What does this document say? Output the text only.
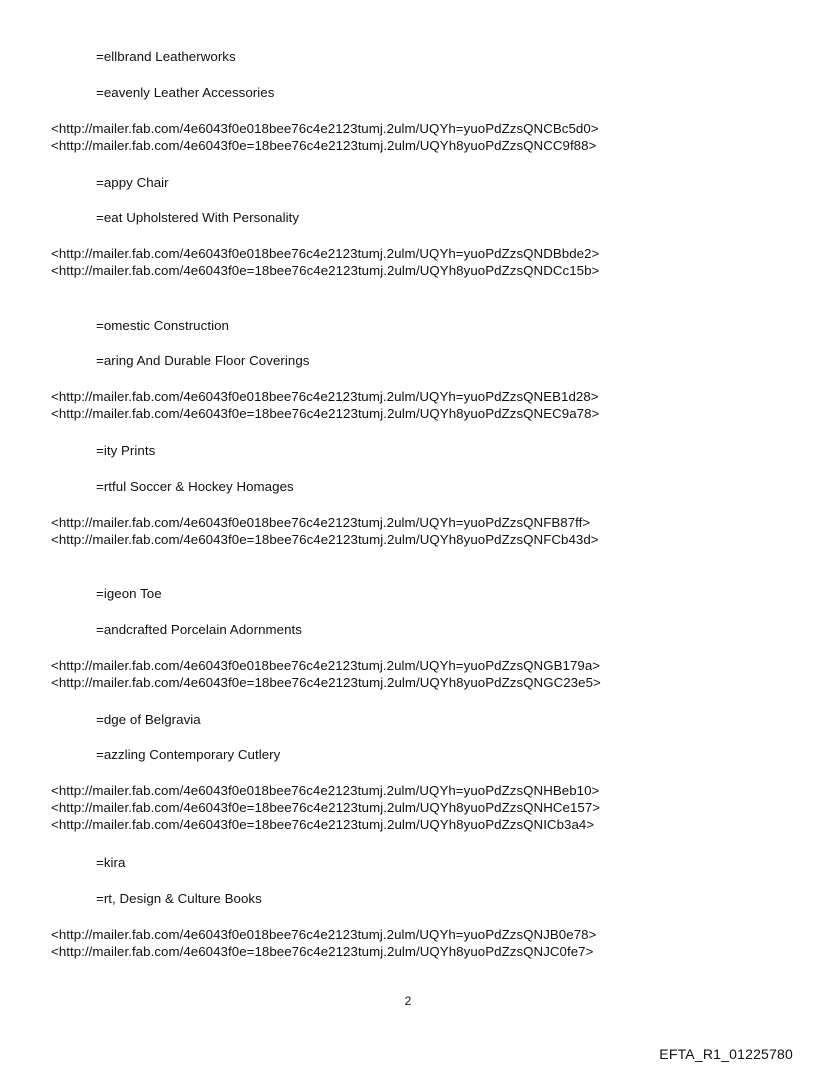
=ellbrand Leatherworks
=eavenly Leather Accessories
<http://mailer.fab.com/4e6043f0e018bee76c4e2123tumj.2ulm/UQYh=yuoPdZzsQNCBc5d0>
<http://mailer.fab.com/4e6043f0e=18bee76c4e2123tumj.2ulm/UQYh8yuoPdZzsQNCC9f88>
=appy Chair
=eat Upholstered With Personality
<http://mailer.fab.com/4e6043f0e018bee76c4e2123tumj.2ulm/UQYh=yuoPdZzsQNDBbde2>
<http://mailer.fab.com/4e6043f0e=18bee76c4e2123tumj.2ulm/UQYh8yuoPdZzsQNDCc15b>
=omestic Construction
=aring And Durable Floor Coverings
<http://mailer.fab.com/4e6043f0e018bee76c4e2123tumj.2ulm/UQYh=yuoPdZzsQNEB1d28>
<http://mailer.fab.com/4e6043f0e=18bee76c4e2123tumj.2ulm/UQYh8yuoPdZzsQNEC9a78>
=ity Prints
=rtful Soccer & Hockey Homages
<http://mailer.fab.com/4e6043f0e018bee76c4e2123tumj.2ulm/UQYh=yuoPdZzsQNFB87ff>
<http://mailer.fab.com/4e6043f0e=18bee76c4e2123tumj.2ulm/UQYh8yuoPdZzsQNFCb43d>
=igeon Toe
=andcrafted Porcelain Adornments
<http://mailer.fab.com/4e6043f0e018bee76c4e2123tumj.2ulm/UQYh=yuoPdZzsQNGB179a>
<http://mailer.fab.com/4e6043f0e=18bee76c4e2123tumj.2ulm/UQYh8yuoPdZzsQNGC23e5>
=dge of Belgravia
=azzling Contemporary Cutlery
<http://mailer.fab.com/4e6043f0e018bee76c4e2123tumj.2ulm/UQYh=yuoPdZzsQNHBeb10>
<http://mailer.fab.com/4e6043f0e=18bee76c4e2123tumj.2ulm/UQYh8yuoPdZzsQNHCe157>
<http://mailer.fab.com/4e6043f0e=18bee76c4e2123tumj.2ulm/UQYh8yuoPdZzsQNICb3a4>
=kira
=rt, Design & Culture Books
<http://mailer.fab.com/4e6043f0e018bee76c4e2123tumj.2ulm/UQYh=yuoPdZzsQNJB0e78>
<http://mailer.fab.com/4e6043f0e=18bee76c4e2123tumj.2ulm/UQYh8yuoPdZzsQNJC0fe7>
2
EFTA_R1_01225780
